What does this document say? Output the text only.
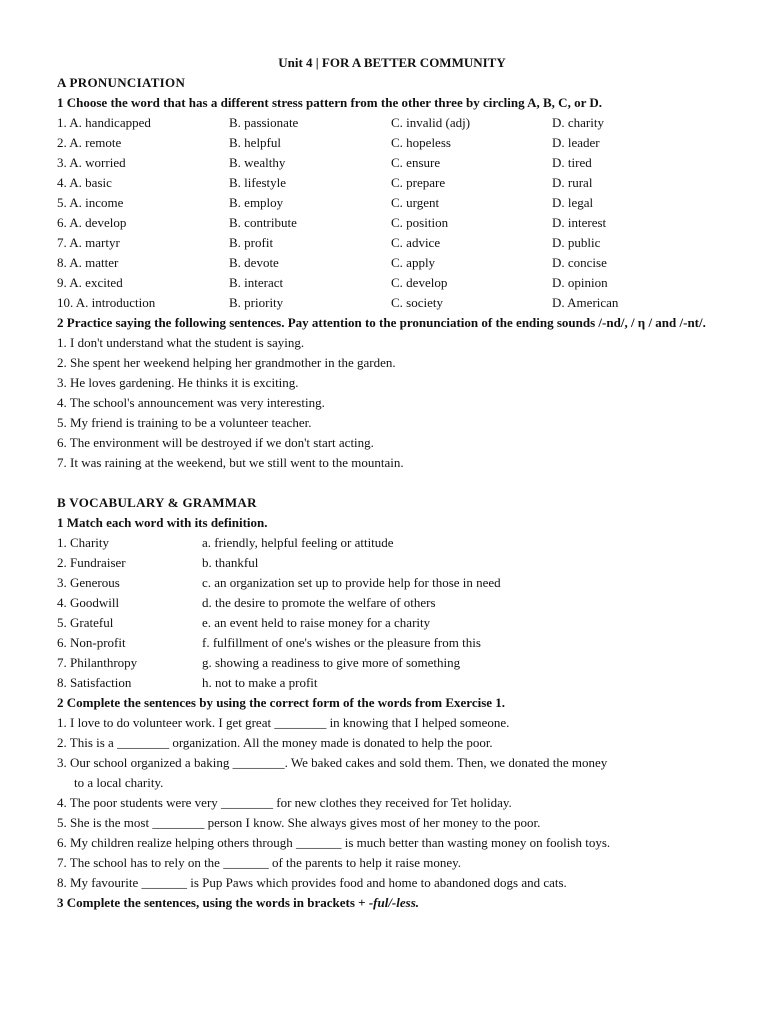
Unit 4 | FOR A BETTER COMMUNITY
A PRONUNCIATION
1 Choose the word that has a different stress pattern from the other three by circling A, B, C, or D.
1. A. handicapped	B. passionate	C. invalid (adj)	D. charity
2. A. remote	B. helpful	C. hopeless	D. leader
3. A. worried	B. wealthy	C. ensure	D. tired
4. A. basic	B. lifestyle	C. prepare	D. rural
5. A. income	B. employ	C. urgent	D. legal
6. A. develop	B. contribute	C. position	D. interest
7. A. martyr	B. profit	C. advice	D. public
8. A. matter	B. devote	C. apply	D. concise
9. A. excited	B. interact	C. develop	D. opinion
10. A. introduction	B. priority	C. society	D. American
2 Practice saying the following sentences. Pay attention to the pronunciation of the ending sounds /-nd/, / η / and /-nt/.
1. I don't understand what the student is saying.
2. She spent her weekend helping her grandmother in the garden.
3. He loves gardening. He thinks it is exciting.
4. The school's announcement was very interesting.
5. My friend is training to be a volunteer teacher.
6. The environment will be destroyed if we don't start acting.
7. It was raining at the weekend, but we still went to the mountain.
B VOCABULARY & GRAMMAR
1 Match each word with its definition.
1. Charity	a. friendly, helpful feeling or attitude
2. Fundraiser	b. thankful
3. Generous	c. an organization set up to provide help for those in need
4. Goodwill	d. the desire to promote the welfare of others
5. Grateful	e. an event held to raise money for a charity
6. Non-profit	f. fulfillment of one's wishes or the pleasure from this
7. Philanthropy	g. showing a readiness to give more of something
8. Satisfaction	h. not to make a profit
2 Complete the sentences by using the correct form of the words from Exercise 1.
1. I love to do volunteer work. I get great ________ in knowing that I helped someone.
2. This is a ________ organization. All the money made is donated to help the poor.
3. Our school organized a baking ________. We baked cakes and sold them. Then, we donated the money
to a local charity.
4. The poor students were very ________ for new clothes they received for Tet holiday.
5. She is the most ________ person I know. She always gives most of her money to the poor.
6. My children realize helping others through _______ is much better than wasting money on foolish toys.
7. The school has to rely on the _______ of the parents to help it raise money.
8. My favourite _______ is Pup Paws which provides food and home to abandoned dogs and cats.
3 Complete the sentences, using the words in brackets + -ful/-less.
